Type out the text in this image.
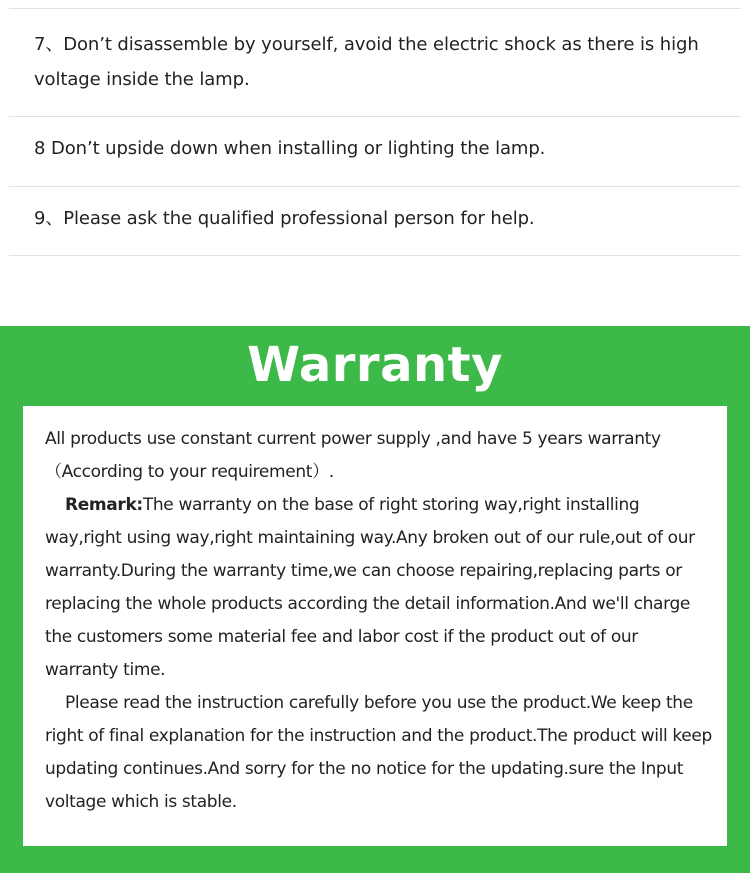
7、Don’t disassemble by yourself, avoid the electric shock as there is high voltage inside the lamp.
8 Don’t upside down when installing or lighting the lamp.
9、Please ask the qualified professional person for help.
Warranty

All products use constant current power supply ,and have 5 years warranty（According to your requirement）.

Remark:The warranty on the base of right storing way,right installing way,right using way,right maintaining way.Any broken out of our rule,out of our warranty.During the warranty time,we can choose repairing,replacing parts or replacing the whole products according the detail information.And we'll charge the customers some material fee and labor cost if the product out of our warranty time.

Please read the instruction carefully before you use the product.We keep the right of final explanation for the instruction and the product.The product will keep updating continues.And sorry for the no notice for the updating.sure the Input voltage which is stable.
